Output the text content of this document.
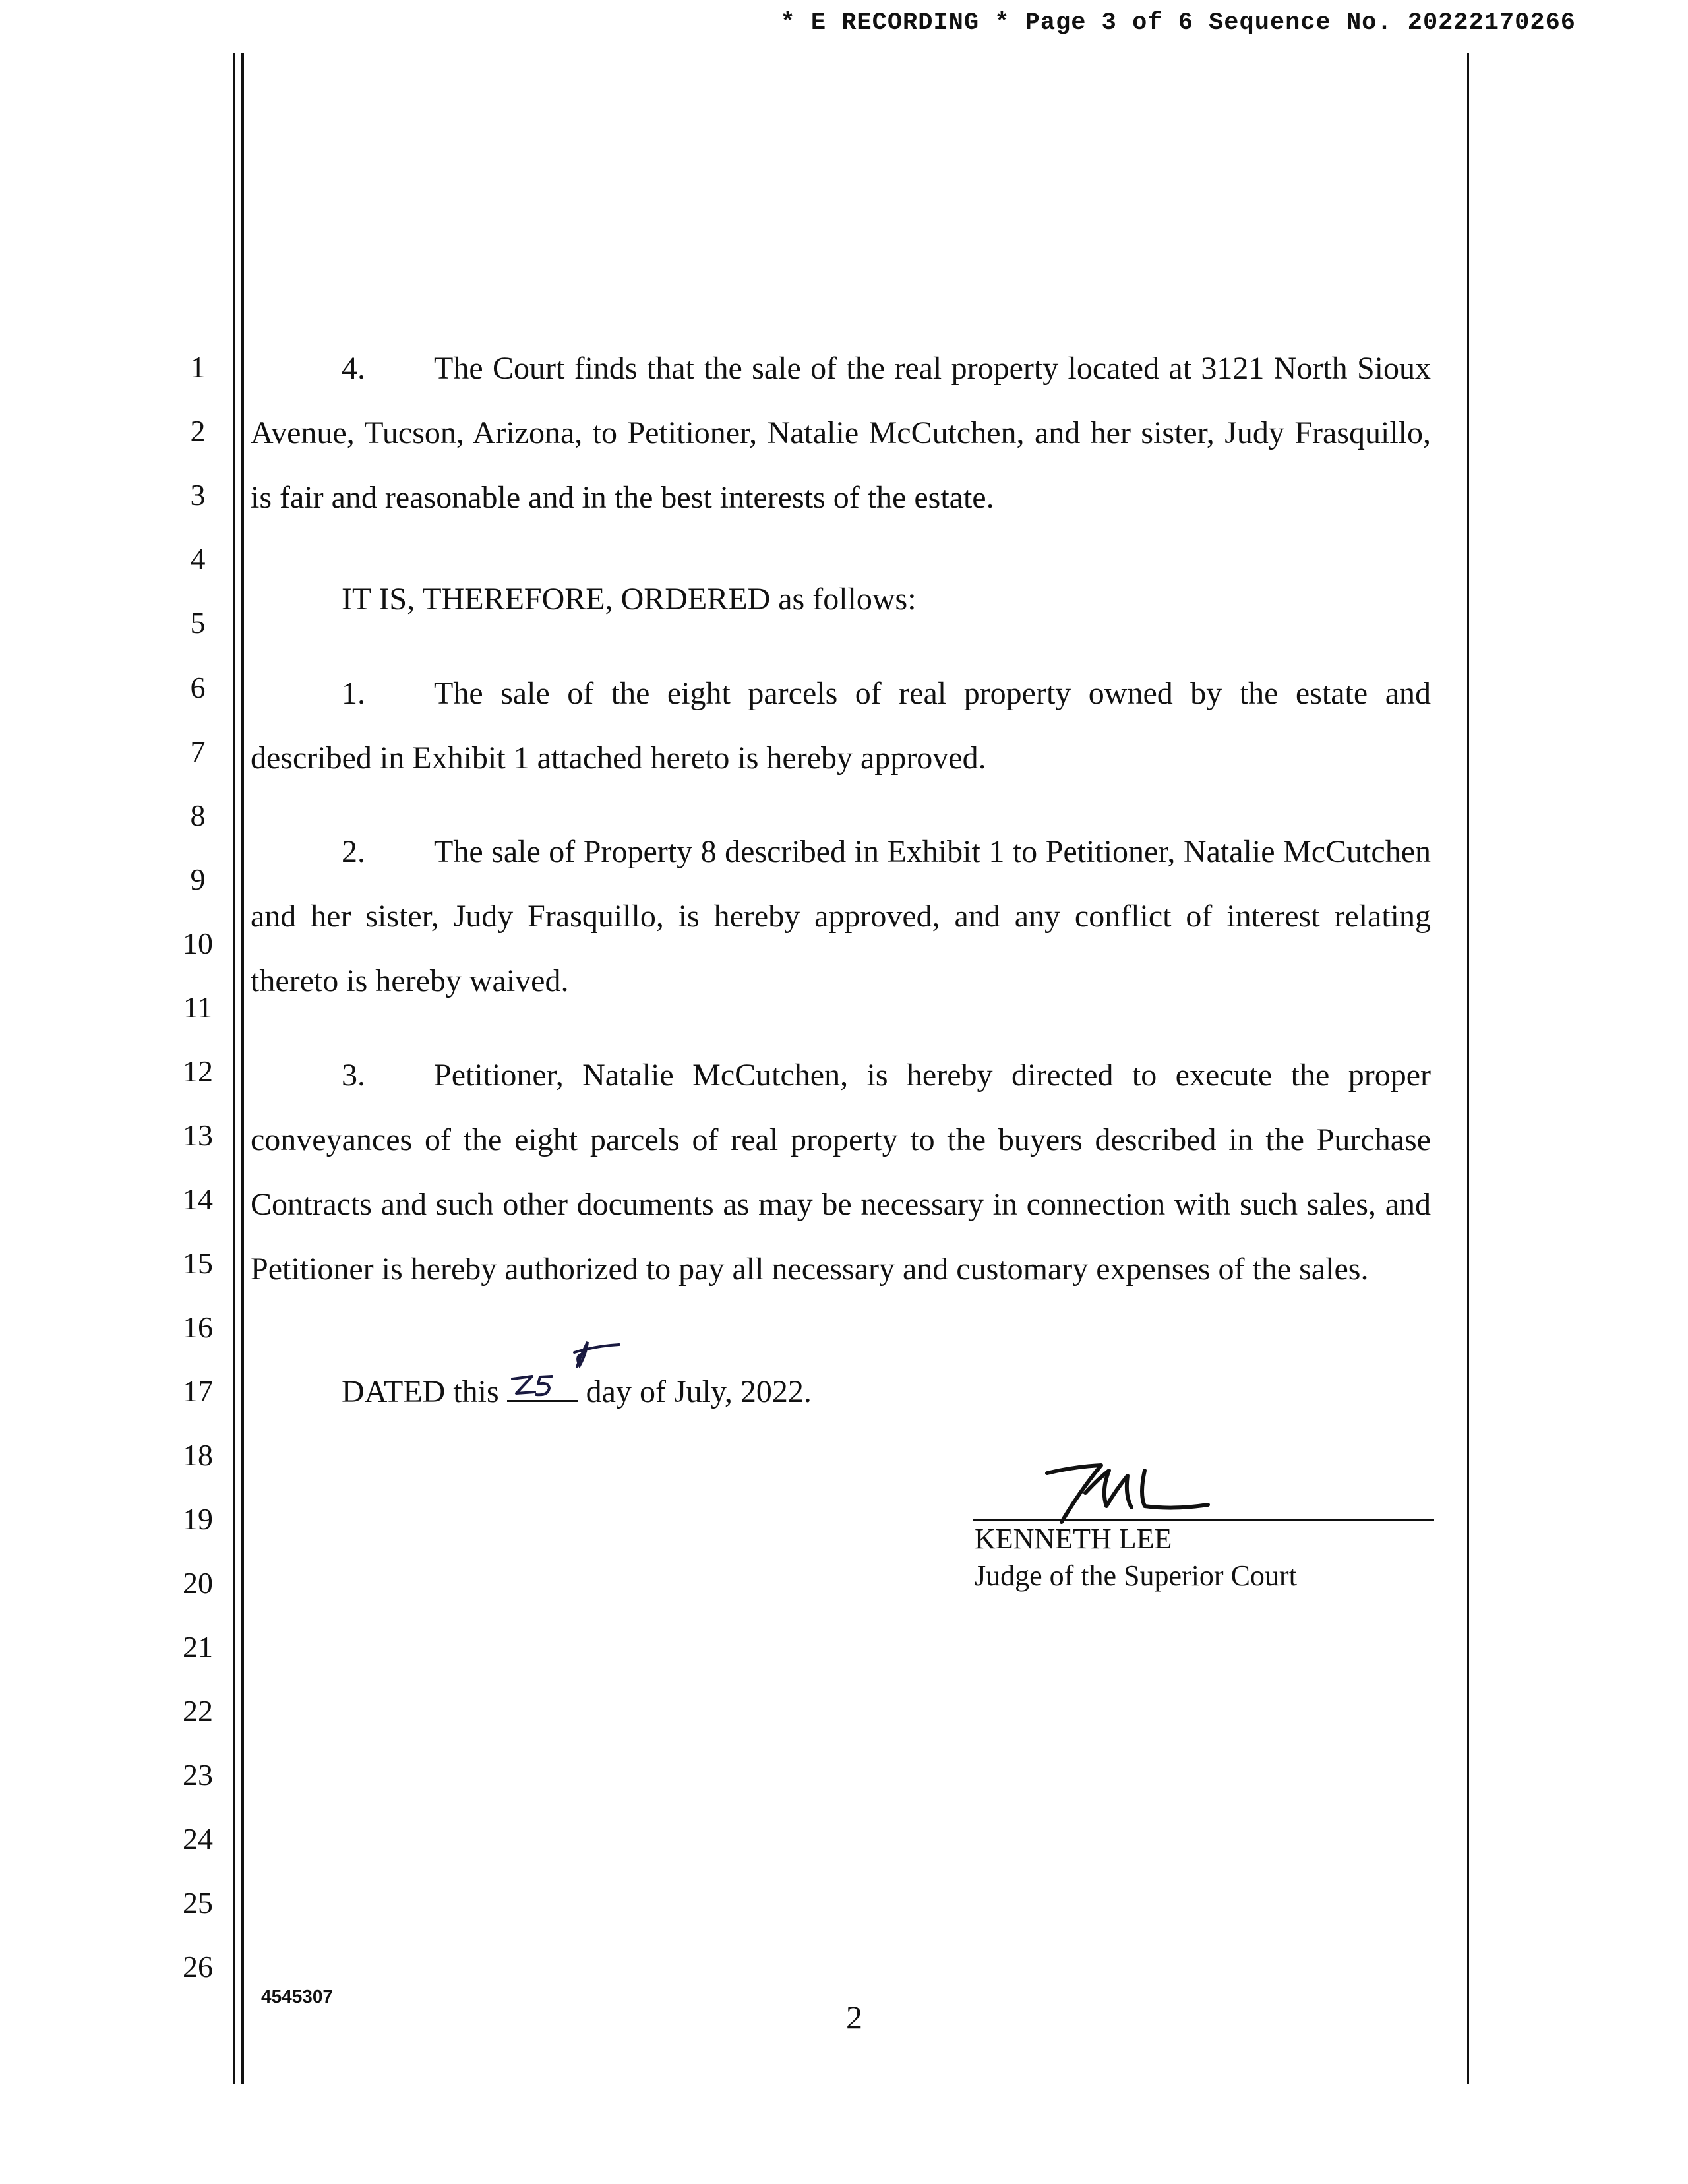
* E RECORDING * Page 3 of 6 Sequence No. 20222170266
1
2
3
4
5
6
7
8
9
10
11
12
13
14
15
16
17
18
19
20
21
22
23
24
25
26

4. The Court finds that the sale of the real property located at 3121 North Sioux Avenue, Tucson, Arizona, to Petitioner, Natalie McCutchen, and her sister, Judy Frasquillo, is fair and reasonable and in the best interests of the estate.

IT IS, THEREFORE, ORDERED as follows:

1. The sale of the eight parcels of real property owned by the estate and described in Exhibit 1 attached hereto is hereby approved.

2. The sale of Property 8 described in Exhibit 1 to Petitioner, Natalie McCutchen and her sister, Judy Frasquillo, is hereby approved, and any conflict of interest relating thereto is hereby waived.

3. Petitioner, Natalie McCutchen, is hereby directed to execute the proper conveyances of the eight parcels of real property to the buyers described in the Purchase Contracts and such other documents as may be necessary in connection with such sales, and Petitioner is hereby authorized to pay all necessary and customary expenses of the sales.

DATED this	day of July, 2022.
KENNETH LEE
Judge of the Superior Court
4545307
2
